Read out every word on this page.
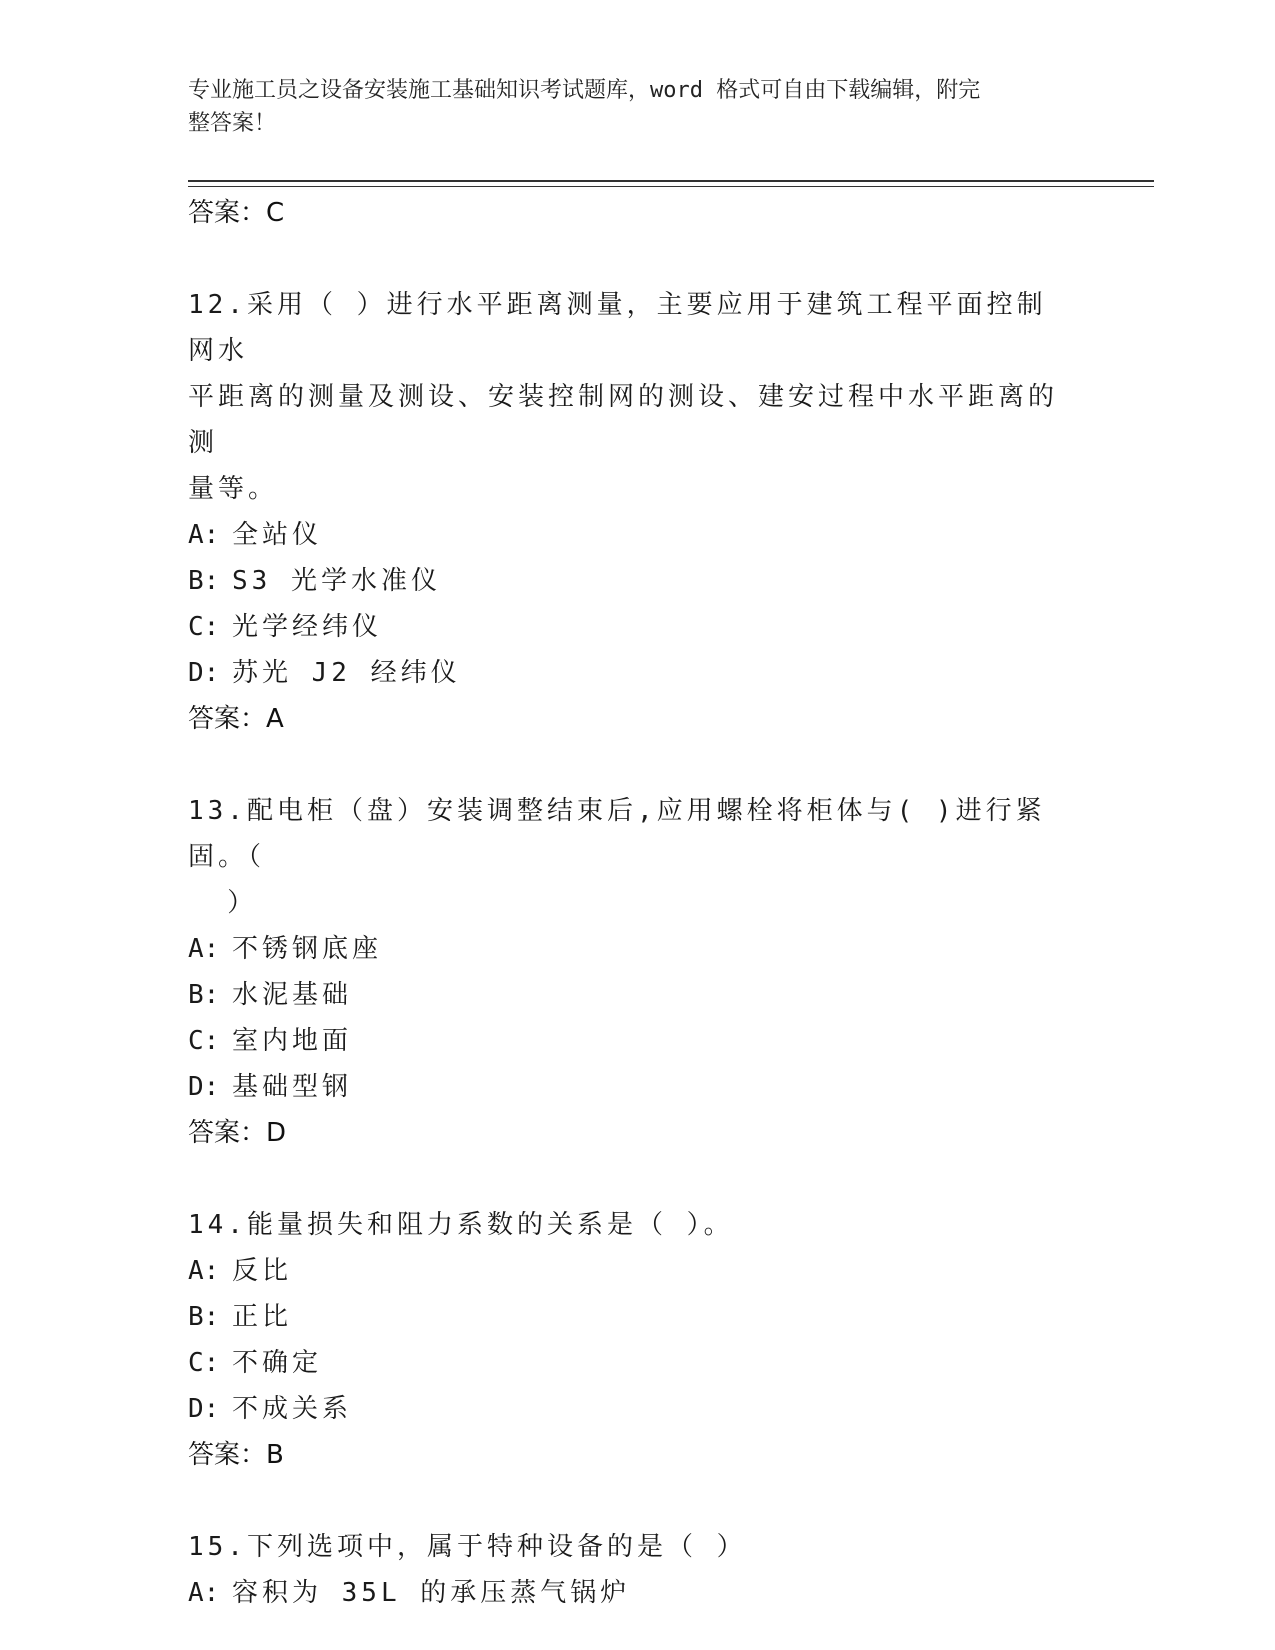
专业施工员之设备安装施工基础知识考试题库，word 格式可自由下载编辑，附完
整答案！
答案：C
12.采用（ ）进行水平距离测量，主要应用于建筑工程平面控制网水
平距离的测量及测设、安装控制网的测设、建安过程中水平距离的测
量等。
A: 全站仪
B: S3 光学水准仪
C: 光学经纬仪
D: 苏光 J2 经纬仪
答案：A
13.配电柜（盘）安装调整结束后,应用螺栓将柜体与( )进行紧固。（
）
A: 不锈钢底座
B: 水泥基础
C: 室内地面
D: 基础型钢
答案：D
14.能量损失和阻力系数的关系是（ ）。
A: 反比
B: 正比
C: 不确定
D: 不成关系
答案：B
15.下列选项中，属于特种设备的是（ ）
A: 容积为 35L 的承压蒸气锅炉
